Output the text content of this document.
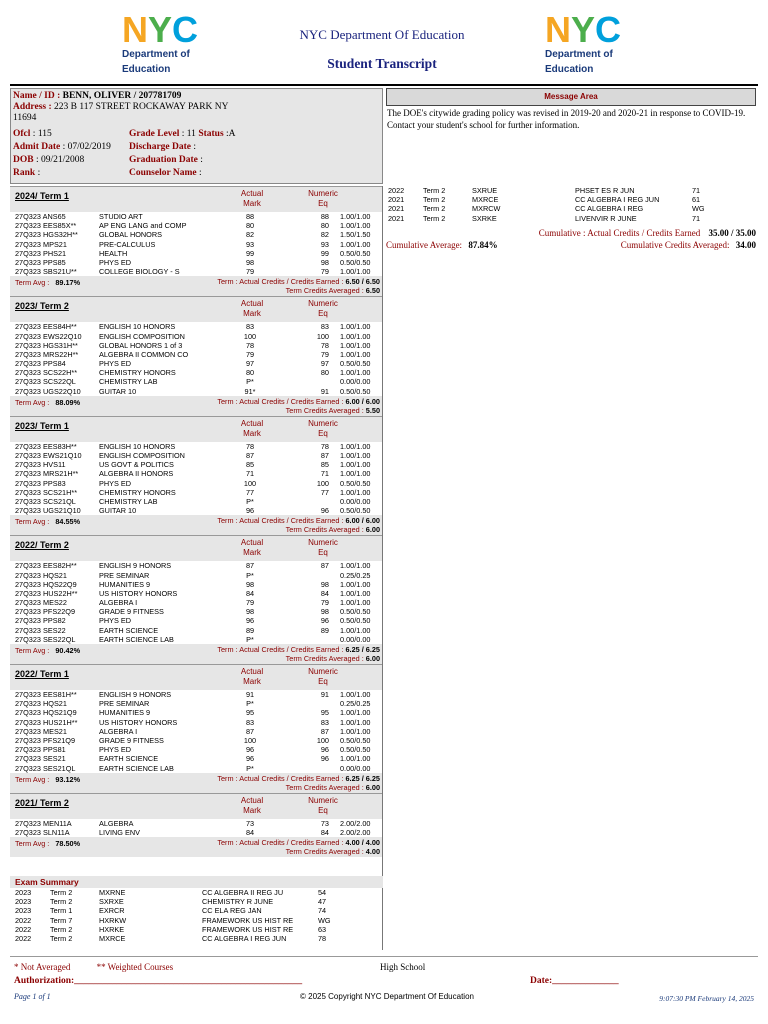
N Y C
Department of
Education
NYC Department Of Education
Student Transcript
N Y C
Department of
Education
Name / ID : BENN, OLIVER / 207781709
Address : 223 B 117 STREET ROCKAWAY PARK NY
11694
Ofcl : 115	Grade Level : 11 Status :A
Admit Date : 07/02/2019 Discharge Date :
DOB : 09/21/2008	Graduation Date :
Rank :	Counselor Name :
Message Area
The DOE's citywide grading policy was revised in 2019-20 and 2020-21 in response to COVID-19.
Contact your student's school for further information.
2024/ Term 1	Actual
Mark
Numeric
Eq
27Q323 ANS65	STUDIO ART	88	88 1.00/1.00
27Q323 EES85X**	AP ENG LANG and COMP	80	80 1.00/1.00
27Q323 HGS32H**	GLOBAL HONORS	82	82 1.50/1.50
27Q323 MPS21	PRE-CALCULUS	93	93 1.00/1.00
27Q323 PHS21	HEALTH	99	99 0.50/0.50
27Q323 PPS85	PHYS ED	98	98 0.50/0.50
27Q323 SBS21U**	COLLEGE BIOLOGY - S	79	79 1.00/1.00
Term Avg : 89.17%	Term : Actual Credits / Credits Earned : 6.50 / 6.50
Term Credits Averaged : 6.50
2023/ Term 2	Actual
Mark
Numeric
Eq
27Q323 EES84H**	ENGLISH 10 HONORS	83	83 1.00/1.00
27Q323 EWS22Q10 ENGLISH COMPOSITION	100	100 1.00/1.00
27Q323 HGS31H**	GLOBAL HONORS 1 of 3	78	78 1.00/1.00
27Q323 MRS22H**	ALGEBRA II COMMON CO	79	79 1.00/1.00
27Q323 PPS84	PHYS ED	97	97 0.50/0.50
27Q323 SCS22H**	CHEMISTRY HONORS	80	80 1.00/1.00
27Q323 SCS22QL	CHEMISTRY LAB	P*	0.00/0.00
27Q323 UGS22Q10	GUITAR 10	91*	91 0.50/0.50
Term Avg : 88.09%	Term : Actual Credits / Credits Earned : 6.00 / 6.00
Term Credits Averaged : 5.50
2023/ Term 1	Actual
Mark
Numeric
Eq
27Q323 EES83H**	ENGLISH 10 HONORS	78	78 1.00/1.00
27Q323 EWS21Q10 ENGLISH COMPOSITION	87	87 1.00/1.00
27Q323 HVS11	US GOVT & POLITICS	85	85 1.00/1.00
27Q323 MRS21H**	ALGEBRA II HONORS	71	71 1.00/1.00
27Q323 PPS83	PHYS ED	100	100 0.50/0.50
27Q323 SCS21H**	CHEMISTRY HONORS	77	77 1.00/1.00
27Q323 SCS21QL	CHEMISTRY LAB	P*	0.00/0.00
27Q323 UGS21Q10	GUITAR 10	96	96 0.50/0.50
Term Avg : 84.55%	Term : Actual Credits / Credits Earned : 6.00 / 6.00
Term Credits Averaged : 6.00
2022/ Term 2	Actual
Mark
Numeric
Eq
27Q323 EES82H**	ENGLISH 9 HONORS	87	87 1.00/1.00
27Q323 HQS21	PRE SEMINAR	P*	0.25/0.25
27Q323 HQS22Q9	HUMANITIES 9	98	98 1.00/1.00
27Q323 HUS22H**	US HISTORY HONORS	84	84 1.00/1.00
27Q323 MES22	ALGEBRA I	79	79 1.00/1.00
27Q323 PFS22Q9	GRADE 9 FITNESS	98	98 0.50/0.50
27Q323 PPS82	PHYS ED	96	96 0.50/0.50
27Q323 SES22	EARTH SCIENCE	89	89 1.00/1.00
27Q323 SES22QL	EARTH SCIENCE LAB	P*	0.00/0.00
Term Avg : 90.42%	Term : Actual Credits / Credits Earned : 6.25 / 6.25
Term Credits Averaged : 6.00
2022/ Term 1	Actual
Mark
Numeric
Eq
27Q323 EES81H**	ENGLISH 9 HONORS	91	91 1.00/1.00
27Q323 HQS21	PRE SEMINAR	P*	0.25/0.25
27Q323 HQS21Q9	HUMANITIES 9	95	95 1.00/1.00
27Q323 HUS21H**	US HISTORY HONORS	83	83 1.00/1.00
27Q323 MES21	ALGEBRA I	87	87 1.00/1.00
27Q323 PFS21Q9	GRADE 9 FITNESS	100	100 0.50/0.50
27Q323 PPS81	PHYS ED	96	96 0.50/0.50
27Q323 SES21	EARTH SCIENCE	96	96 1.00/1.00
27Q323 SES21QL	EARTH SCIENCE LAB	P*	0.00/0.00
Term Avg : 93.12%	Term : Actual Credits / Credits Earned : 6.25 / 6.25
Term Credits Averaged : 6.00
2021/ Term 2	Actual
Mark
Numeric
Eq
27Q323 MEN11A	ALGEBRA	73	73 2.00/2.00
27Q323 SLN11A	LIVING ENV	84	84 2.00/2.00
Term Avg : 78.50%	Term : Actual Credits / Credits Earned : 4.00 / 4.00
Term Credits Averaged : 4.00
Exam Summary
2023	Term 2	MXRNE	CC ALGEBRA II REG JU	54
2023	Term 2	SXRXE	CHEMISTRY R JUNE	47
2023	Term 1	EXRCR	CC ELA REG JAN	74
2022	Term 7	HXRKW	FRAMEWORK US HIST RE	WG
2022	Term 2	HXRKE	FRAMEWORK US HIST RE	63
2022	Term 2	MXRCE	CC ALGEBRA I REG JUN	78
2022	Term 2	SXRUE	PHSET ES R JUN	71
2021	Term 2	MXRCE	CC ALGEBRA I REG JUN	61
2021	Term 2	MXRCW	CC ALGEBRA I REG	WG
2021	Term 2	SXRKE	LIVENVIR R JUNE	71
Cumulative : Actual Credits / Credits Earned 35.00 / 35.00
Cumulative Average: 87.84%	Cumulative Credits Averaged: 34.00
* Not Averaged	** Weighted Courses	High School
Authorization:________________________________________________	Date:______________
Page 1 of 1	© 2025 Copyright NYC Department Of Education	9:07:30 PM February 14, 2025
